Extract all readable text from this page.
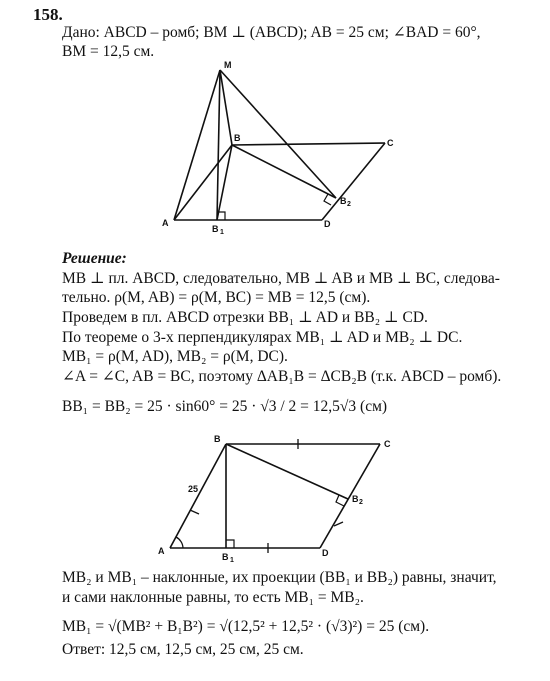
158.
Дано: ABCD – ромб; BM ⊥ (ABCD); AB = 25 см; ∠BAD = 60°,
BM = 12,5 см.
M
B	C
A	D
B 1
B 2
Решение:
MB ⊥ пл. ABCD, следовательно, MB ⊥ AB и MB ⊥ BC, следова-
тельно. ρ(M, AB) = ρ(M, BC) = MB = 12,5 (см).
Проведем в пл. ABCD отрезки BB₁ ⊥ AD и BB₂ ⊥ CD.
По теореме о 3-х перпендикулярах MB₁ ⊥ AD и MB₂ ⊥ DC.
MB₁ = ρ(M, AD), MB₂ = ρ(M, DC).
∠A = ∠C, AB = BC, поэтому ΔAB₁B = ΔCB₂B (т.к. ABCD – ромб).
BB₁ = BB₂ = 25 · sin60° = 25 · √3 / 2 = 12,5√3 (см)
B	C
A	D
B 1
B 2
25
MB₂ и MB₁ – наклонные, их проекции (BB₁ и BB₂) равны, значит,
и сами наклонные равны, то есть MB₁ = MB₂.
MB₁ = √(MB² + B₁B²) = √(12,5² + 12,5² · (√3)²) = 25 (см).
Ответ: 12,5 см, 12,5 см, 25 см, 25 см.
